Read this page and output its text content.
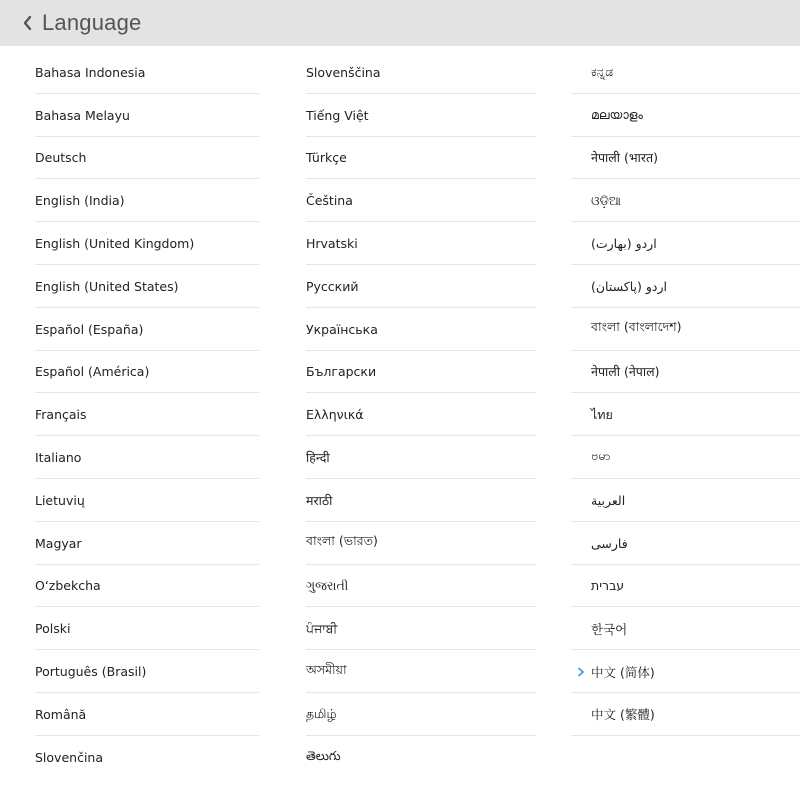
Language
Bahasa Indonesia
Bahasa Melayu
Deutsch
English (India)
English (United Kingdom)
English (United States)
Español (España)
Español (América)
Français
Italiano
Lietuvių
Magyar
O‘zbekcha
Polski
Português (Brasil)
Română
Slovenčina
Slovenščina
Tiếng Việt
Türkçe
Čeština
Hrvatski
Русский
Українська
Български
Ελληνικά
हिन्दी
मराठी
বাংলা (ভারত)
ગુજરાતી
ਪੰਜਾਬੀ
অসমীয়া
தமிழ்
తెలుగు
ಕನ್ನಡ
മലയാളം
नेपाली (भारत)
ଓଡ଼ିଆ
اردو (بھارت)
اردو (پاکستان)
বাংলা (বাংলাদেশ)
नेपाली (नेपाल)
ไทย
ဗမာ
العربية
فارسی
עברית
한국어
中文 (简体)
中文 (繁體)
